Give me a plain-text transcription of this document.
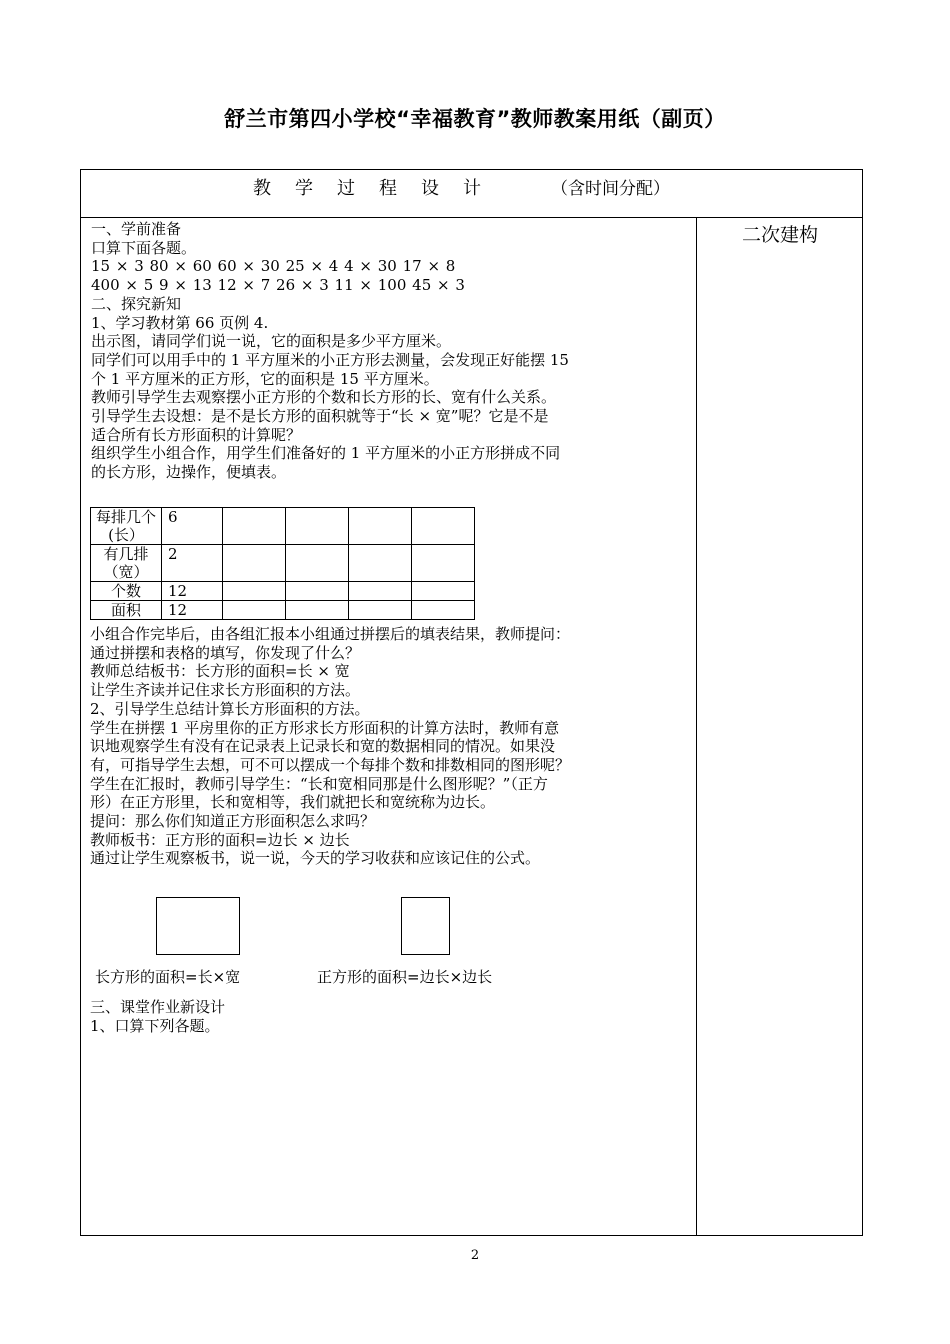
舒兰市第四小学校“幸福教育”教师教案用纸（副页）
教学过程设计	（含时间分配）
二次建构
一、学前准备
口算下面各题。
15 × 3 80 × 60 60 × 30 25 × 4 4 × 30 17 × 8
400 × 5 9 × 13 12 × 7 26 × 3 11 × 100 45 × 3
二、探究新知
1、学习教材第 66 页例 4.
出示图，请同学们说一说，它的面积是多少平方厘米。
同学们可以用手中的 1 平方厘米的小正方形去测量，会发现正好能摆 15
个 1 平方厘米的正方形，它的面积是 15 平方厘米。
教师引导学生去观察摆小正方形的个数和长方形的长、宽有什么关系。
引导学生去设想：是不是长方形的面积就等于“长 × 宽”呢？它是不是
适合所有长方形面积的计算呢？
组织学生小组合作，用学生们准备好的 1 平方厘米的小正方形拼成不同
的长方形，边操作，便填表。
每排几个(长）	6				
有几排（宽）	2				
个数	12				
面积	12				
小组合作完毕后，由各组汇报本小组通过拼摆后的填表结果，教师提问：
通过拼摆和表格的填写，你发现了什么？
教师总结板书：长方形的面积=长 × 宽
让学生齐读并记住求长方形面积的方法。
2、引导学生总结计算长方形面积的方法。
学生在拼摆 1 平房里你的正方形求长方形面积的计算方法时，教师有意
识地观察学生有没有在记录表上记录长和宽的数据相同的情况。如果没
有，可指导学生去想，可不可以摆成一个每排个数和排数相同的图形呢？
学生在汇报时，教师引导学生：“长和宽相同那是什么图形呢？”（正方
形）在正方形里，长和宽相等，我们就把长和宽统称为边长。
提问：那么你们知道正方形面积怎么求吗？
教师板书：正方形的面积=边长 × 边长
通过让学生观察板书，说一说，今天的学习收获和应该记住的公式。
长方形的面积=长×宽	正方形的面积=边长×边长
三、课堂作业新设计
1、口算下列各题。
2
